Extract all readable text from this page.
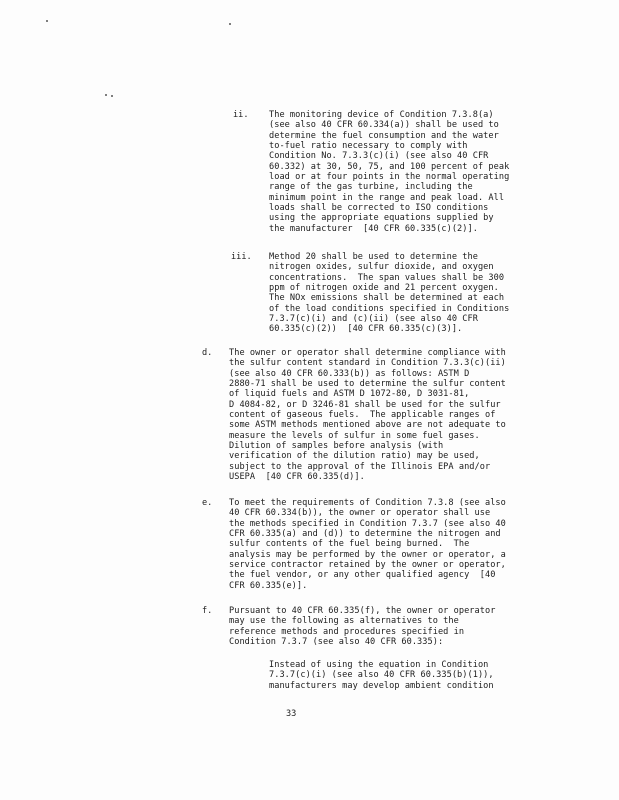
ii. The monitoring device of Condition 7.3.8(a)
(see also 40 CFR 60.334(a)) shall be used to
determine the fuel consumption and the water
to-fuel ratio necessary to comply with
Condition No. 7.3.3(c)(i) (see also 40 CFR
60.332) at 30, 50, 75, and 100 percent of peak
load or at four points in the normal operating
range of the gas turbine, including the
minimum point in the range and peak load. All
loads shall be corrected to ISO conditions
using the appropriate equations supplied by
the manufacturer  [40 CFR 60.335(c)(2)].
iii. Method 20 shall be used to determine the
nitrogen oxides, sulfur dioxide, and oxygen
concentrations.  The span values shall be 300
ppm of nitrogen oxide and 21 percent oxygen.
The NOx emissions shall be determined at each
of the load conditions specified in Conditions
7.3.7(c)(i) and (c)(ii) (see also 40 CFR
60.335(c)(2))  [40 CFR 60.335(c)(3)].
d. The owner or operator shall determine compliance with
the sulfur content standard in Condition 7.3.3(c)(ii)
(see also 40 CFR 60.333(b)) as follows: ASTM D
2880-71 shall be used to determine the sulfur content
of liquid fuels and ASTM D 1072-80, D 3031-81,
D 4084-82, or D 3246-81 shall be used for the sulfur
content of gaseous fuels.  The applicable ranges of
some ASTM methods mentioned above are not adequate to
measure the levels of sulfur in some fuel gases.
Dilution of samples before analysis (with
verification of the dilution ratio) may be used,
subject to the approval of the Illinois EPA and/or
USEPA  [40 CFR 60.335(d)].
e. To meet the requirements of Condition 7.3.8 (see also
40 CFR 60.334(b)), the owner or operator shall use
the methods specified in Condition 7.3.7 (see also 40
CFR 60.335(a) and (d)) to determine the nitrogen and
sulfur contents of the fuel being burned.  The
analysis may be performed by the owner or operator, a
service contractor retained by the owner or operator,
the fuel vendor, or any other qualified agency  [40
CFR 60.335(e)].
f. Pursuant to 40 CFR 60.335(f), the owner or operator
may use the following as alternatives to the
reference methods and procedures specified in
Condition 7.3.7 (see also 40 CFR 60.335):
Instead of using the equation in Condition
7.3.7(c)(i) (see also 40 CFR 60.335(b)(1)),
manufacturers may develop ambient condition
33
